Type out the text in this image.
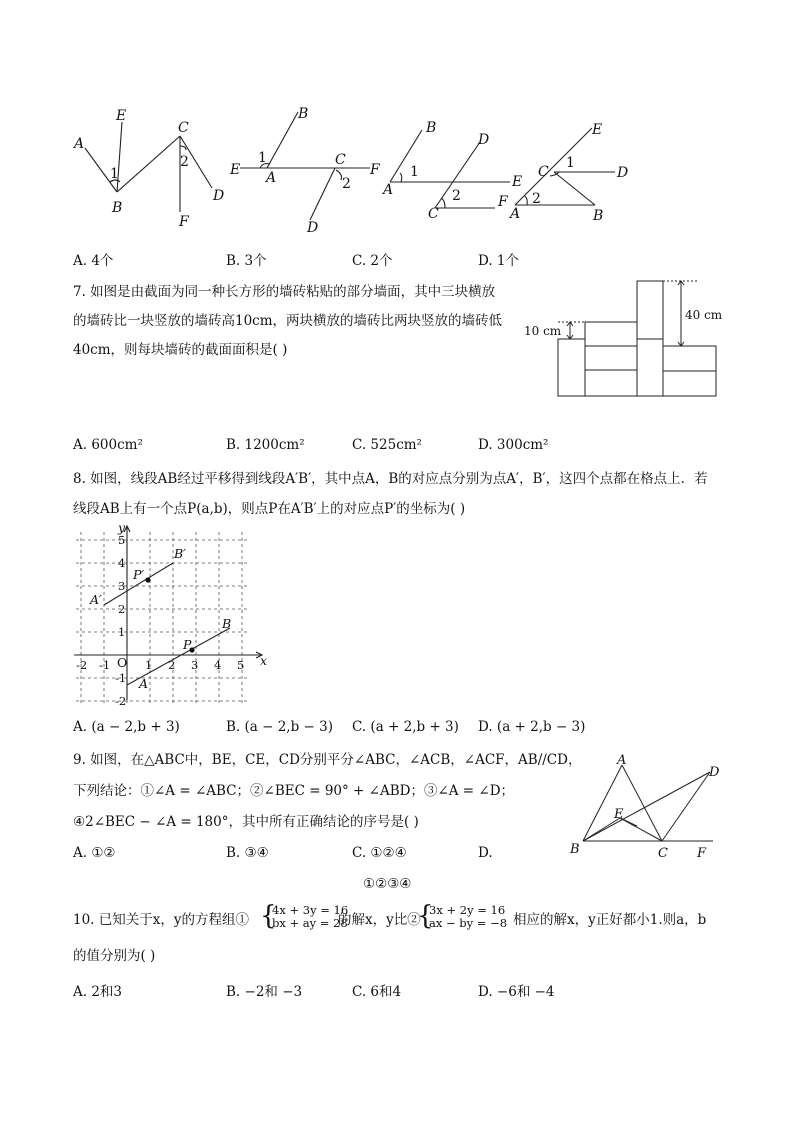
A
E
1
B
C
2
F
D
B
E
1
A
C
F
2
D
B
D
A
1
E
C
2	F
E
C
1
D
A
2
B
A. 4个	B. 3个	C. 2个	D. 1个
7. 如图是由截面为同一种长方形的墙砖粘贴的部分墙面，其中三块横放
的墙砖比一块竖放的墙砖高10cm，两块横放的墙砖比两块竖放的墙砖低
40cm，则每块墙砖的截面面积是( )
10 cm
40 cm
A. 600cm²	B. 1200cm²	C. 525cm²	D. 300cm²
8. 如图，线段AB经过平移得到线段A′B′，其中点A，B的对应点分别为点A′，B′，这四个点都在格点上．若
线段AB上有一个点P(a,b)，则点P在A′B′上的对应点P′的坐标为( )
-2 -1	1 2 3 4 5
5
4
3
2
1
-1
-2
x
y
O
A
B
P
A′
B′
P′
A. (a − 2,b + 3)	B. (a − 2,b − 3) C. (a + 2,b + 3) D. (a + 2,b − 3)
9. 如图，在△ABC中，BE，CE，CD分别平分∠ABC，∠ACB，∠ACF，AB//CD，
下列结论：①∠A = ∠ABC；②∠BEC = 90° + ∠ABD；③∠A = ∠D；
④2∠BEC − ∠A = 180°，其中所有正确结论的序号是( )
A
D
E
B	C F
A. ①②	B. ③④	C. ①②④	D.
①②③④
10. 已知关于x，y的方程组① {
4x + 3y = 16
bx + ay = 28
的解x，y比②
{
3x + 2y = 16
ax − by = −8 相应的解x，y正好都小1.则a，b
的值分别为( )
A. 2和3	B. −2和 −3	C. 6和4	D. −6和 −4
